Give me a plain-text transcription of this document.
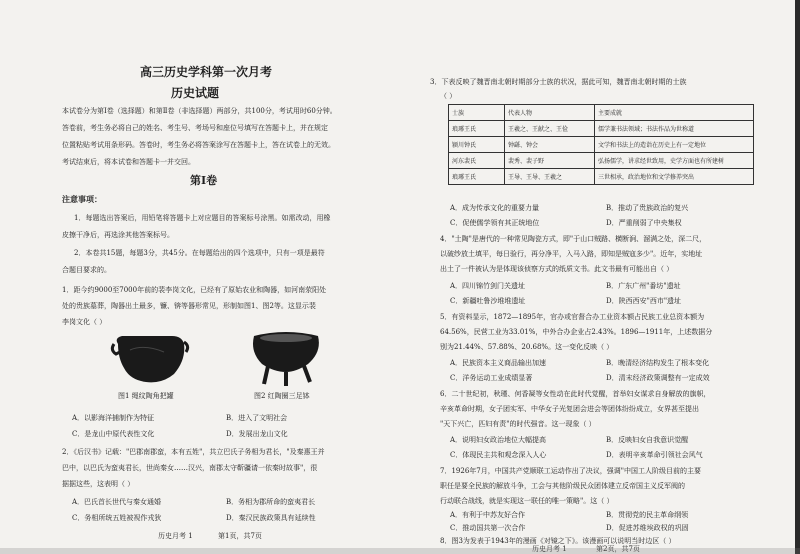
高三历史学科第一次月考
历史试题
本试卷分为第Ⅰ卷（选择题）和第Ⅱ卷（非选择题）两部分，共100分，考试用时60分钟。
答卷前，考生务必将自己的姓名、考生号、考场号和座位号填写在答题卡上，并在规定
位置粘贴考试用条形码。答卷时，考生务必将答案涂写在答题卡上，答在试卷上的无效。
考试结束后，将本试卷和答题卡一并交回。
第Ⅰ卷
注意事项：
1．每题选出答案后，用铅笔将答题卡上对应题目的答案标号涂黑。如需改动，用橡
皮擦干净后，再选涂其他答案标号。
2．本卷共15题，每题3分，共45分。在每题给出的四个选项中，只有一项是最符
合题目要求的。
1．距今约9000至7000年前的裴李岗文化，已经有了原始农业和陶器，如河南荥阳处
处的贵族墓葬，陶器出土最多，镰、锛等器形常见，形制如图1、图2等。这显示裴
李岗文化（ ）
图1 绳纹陶角把罐	图2 红陶圈三足钵
A．以影海洋捕制作为特征	B．进入了文明社会
C．是龙山中原代表性文化	D．发展出龙山文化
2．《后汉书》记载："巴郡南郡蛮，本有五姓"，共立巴氏子务相为君长，"及秦惠王并
巴中，以巴氏为蛮夷君长，世尚秦女……汉兴，南郡太守靳疆请一依秦时故事"，很
据据这些，这表明（ ）
A．巴氏首长世代与秦女通婚	B．务相为郡所命的蛮夷君长
C．务相所统五姓被视作戎狄	D．秦汉民族政策具有延续性
历史月考 1	第1页，共7页
3．下表反映了魏晋南北朝时期部分士族的状况，据此可知，魏晋南北朝时期的士族
（ ）
士族	代表人物	主要成就
琅琊王氏	王羲之、王献之、王俭	儒学兼书法领域；书法作品为世称道
颍川钟氏	钟繇、钟会	文学和书法上的造诣在历史上有一定地位
河东裴氏	裴秀、裴子野	弘扬儒学，讲求经世致用，史学方面也有所建树
琅琊王氏	王导、王导、王羲之	三世相承，政治地位和文学修养突出
A．成为传承文化的重要力量	B．推动了贵族政治的复兴
C．促使儒学领有其正统地位	D．严重削弱了中央集权
4．"土陶"是唐代的一种常见陶瓷方式，即"于山口贼路、横断涧、溜满之处，深二尺，
以破纱放土填平，每日验行，再分净平，入马入路，即知是贼寇多少"。近年，实地址
出土了一件被认为是体现该侦察方式的纸质文书。此文书最有可能出自（ ）
A．四川锦竹剑门关遗址	B．广东广州"番坊"遗址
C．新疆吐鲁沙堆堆遗址	D．陕西西安"西市"遗址
5．有资料显示，1872—1895年，官办或官督合办工业资本额占民族工业总资本额为
64.56%，民营工业为33.01%，中外合办企业占2.43%。1896—1911年，上述数据分
别为21.44%、57.88%、20.68%。这一变化反映（ ）
A．民族资本主义商品输出加速	B．晚清经济结构发生了根本变化
C．洋务运动工业成绩显著	D．清末经济政策调整有一定成效
6．二十世纪初，秋瑾、何香凝等女性动在此时代觉醒，首举妇女谋求自身解放的旗帜，
辛亥革命时期，女子团实军、中华女子光复团会进会等团体纷纷成立，女界甚至提出
"天下兴亡，匹妇有责"的时代强音。这一现象（ ）
A．说明妇女政治地位大幅提高	B．反映妇女自我意识觉醒
C．体现民主共和观念深入人心	D．表明辛亥革命引领社会风气
7．1926年7月，中国共产党顺联工运动作出了决议，强调"中国工人阶级目前的主要
职任是要全民族的解放斗争，工会与其他阶级民众团体建立反帝国主义反军阀的
行动联合战线，就是实现这一联任的唯一策略"。这（ ）
A．有利于中苏友好合作	B．贯彻党的民主革命纲领
C．推动国共第一次合作	D．促进苏维埃政权的巩固
8．图3为发表于1943年的漫画《对镜之下》。该漫画可以说明当时边区（ ）
历史月考 1	第2页，共7页
